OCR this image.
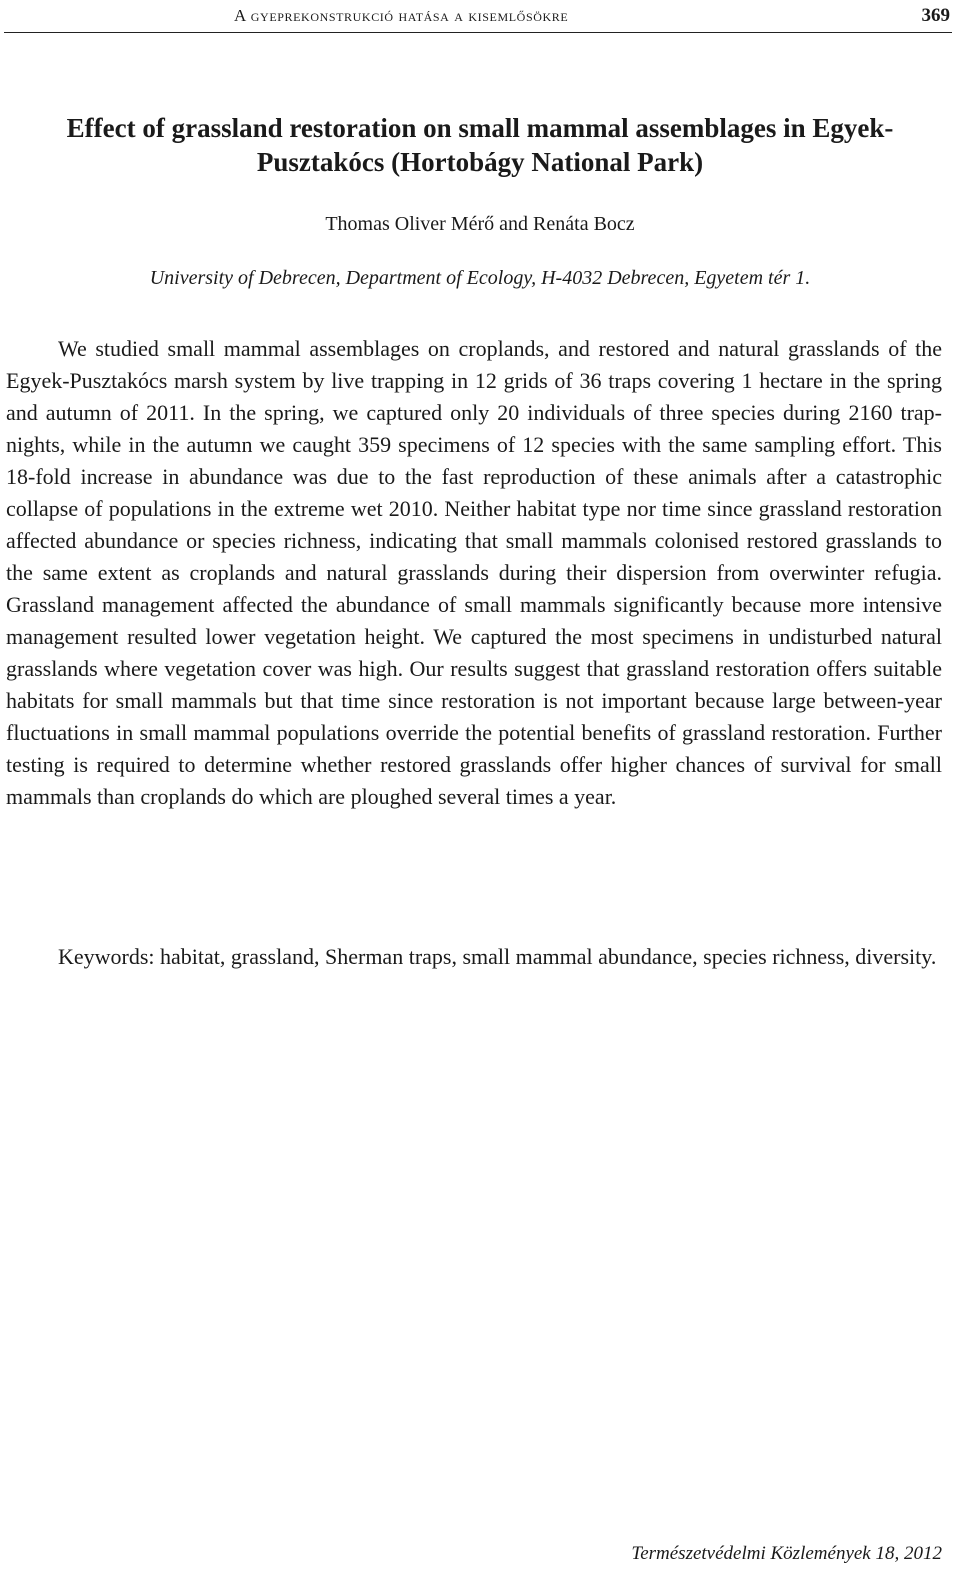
A gyeprekonstrukció hatása a kisemlősökre	369
Effect of grassland restoration on small mammal assemblages in Egyek-Pusztakócs (Hortobágy National Park)
Thomas Oliver Mérő and Renáta Bocz
University of Debrecen, Department of Ecology, H-4032 Debrecen, Egyetem tér 1.

We studied small mammal assemblages on croplands, and restored and natural grasslands of the Egyek-Pusztakócs marsh system by live trapping in 12 grids of 36 traps covering 1 hectare in the spring and autumn of 2011. In the spring, we captured only 20 individuals of three species during 2160 trap-nights, while in the autumn we caught 359 specimens of 12 species with the same sampling effort. This 18-fold increase in abundance was due to the fast reproduction of these animals after a catastrophic collapse of populations in the extreme wet 2010. Neither habitat type nor time since grassland restoration affected abundance or species richness, indicating that small mammals colonised restored grasslands to the same extent as croplands and natural grasslands during their dispersion from overwinter refugia. Grassland management affected the abundance of small mammals significantly because more intensive management resulted lower vegetation height. We captured the most specimens in undisturbed natural grasslands where vegetation cover was high. Our results suggest that grassland restoration offers suitable habitats for small mammals but that time since restoration is not important because large between-year fluctuations in small mammal populations override the potential benefits of grassland restoration. Further testing is required to determine whether restored grasslands offer higher chances of survival for small mammals than croplands do which are ploughed several times a year.

Keywords: habitat, grassland, Sherman traps, small mammal abundance, species richness, diversity.

Természetvédelmi Közlemények 18, 2012
